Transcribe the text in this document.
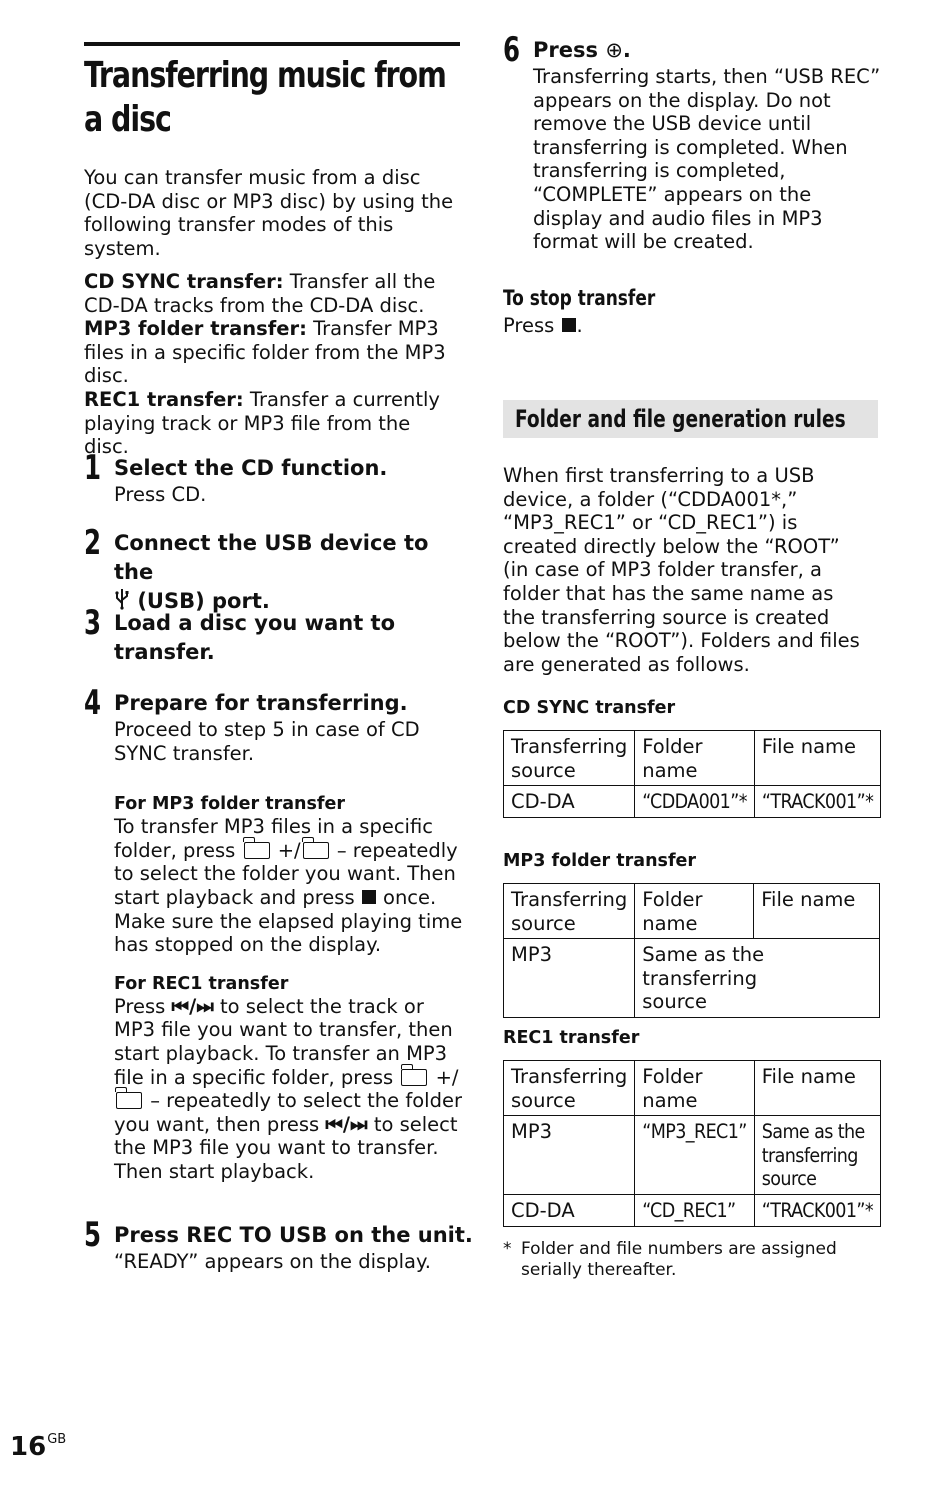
Transferring music from a disc
You can transfer music from a disc (CD-DA disc or MP3 disc) by using the following transfer modes of this system.
CD SYNC transfer: Transfer all the CD-DA tracks from the CD-DA disc.
MP3 folder transfer: Transfer MP3 files in a specific folder from the MP3 disc.
REC1 transfer: Transfer a currently playing track or MP3 file from the disc.
1 Select the CD function.
Press CD.
2 Connect the USB device to the
(USB) port.
3 Load a disc you want to transfer.
4 Prepare for transferring.
Proceed to step 5 in case of CD SYNC transfer.
For MP3 folder transfer
To transfer MP3 files in a specific folder, press +/ – repeatedly to select the folder you want. Then start playback and press once. Make sure the elapsed playing time has stopped on the display.
For REC1 transfer
Press ⏮/⏭ to select the track or MP3 file you want to transfer, then start playback. To transfer an MP3 file in a specific folder, press +/ – repeatedly to select the folder you want, then press ⏮/⏭ to select the MP3 file you want to transfer. Then start playback.
5 Press REC TO USB on the unit.
“READY” appears on the display.
6 Press ⊕.
Transferring starts, then “USB REC” appears on the display. Do not remove the USB device until transferring is completed. When transferring is completed, “COMPLETE” appears on the display and audio files in MP3 format will be created.
To stop transfer
Press .
Folder and file generation rules
When first transferring to a USB device, a folder (“CDDA001*,” “MP3_REC1” or “CD_REC1”) is created directly below the “ROOT” (in case of MP3 folder transfer, a folder that has the same name as the transferring source is created below the “ROOT”). Folders and files are generated as follows.
CD SYNC transfer
Transferring source	Folder name	File name
CD-DA	“CDDA001”*	“TRACK001”*
MP3 folder transfer
Transferring source	Folder name	File name
MP3	Same as the transferring source	
REC1 transfer
Transferring source	Folder name	File name
MP3	“MP3_REC1”	Same as the transferring source
CD-DA	“CD_REC1”	“TRACK001”*
* Folder and file numbers are assigned serially thereafter.
$16^{GB}$
